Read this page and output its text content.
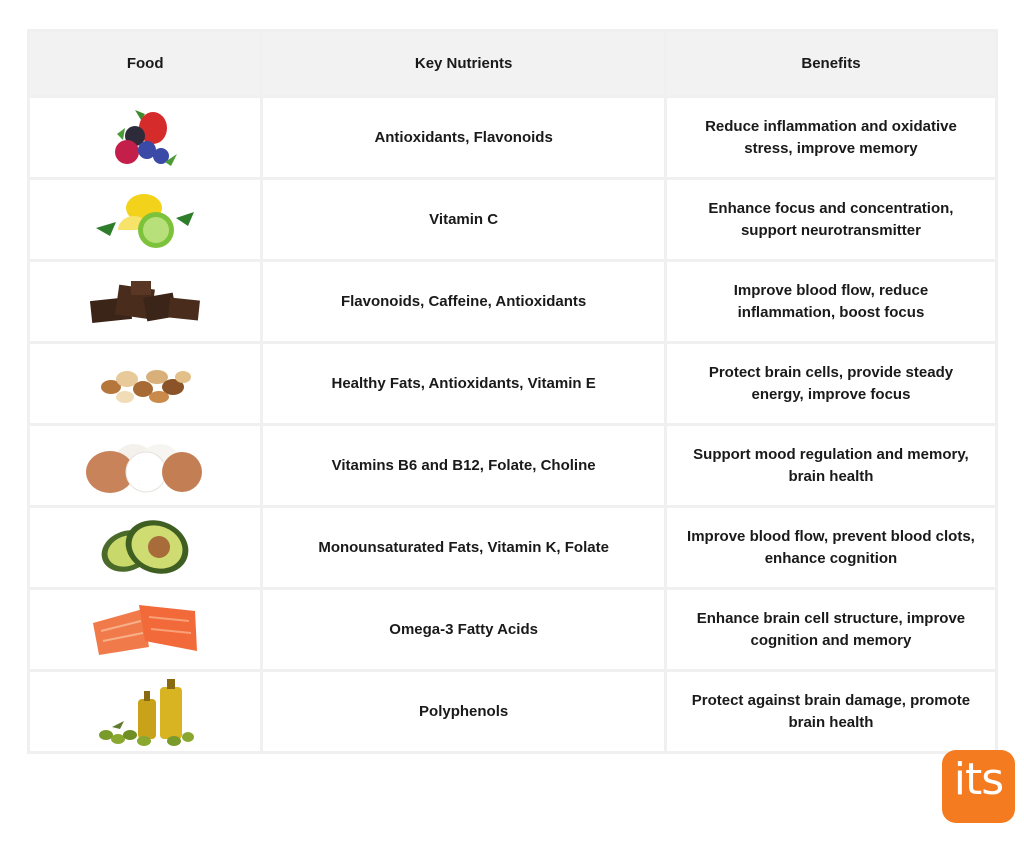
Food	Key Nutrients	Benefits

	Antioxidants, Flavonoids	Reduce inflammation and oxidative stress, improve memory

	Vitamin C	Enhance focus and concentration, support neurotransmitter

	Flavonoids, Caffeine, Antioxidants	Improve blood flow, reduce inflammation, boost focus

	Healthy Fats, Antioxidants, Vitamin E	Protect brain cells, provide steady energy, improve focus

	Vitamins B6 and B12, Folate, Choline	Support mood regulation and memory, brain health

	Monounsaturated Fats, Vitamin K, Folate	Improve blood flow, prevent blood clots, enhance cognition

	Omega-3 Fatty Acids	Enhance brain cell structure, improve cognition and memory

	Polyphenols	Protect against brain damage, promote brain health
its
